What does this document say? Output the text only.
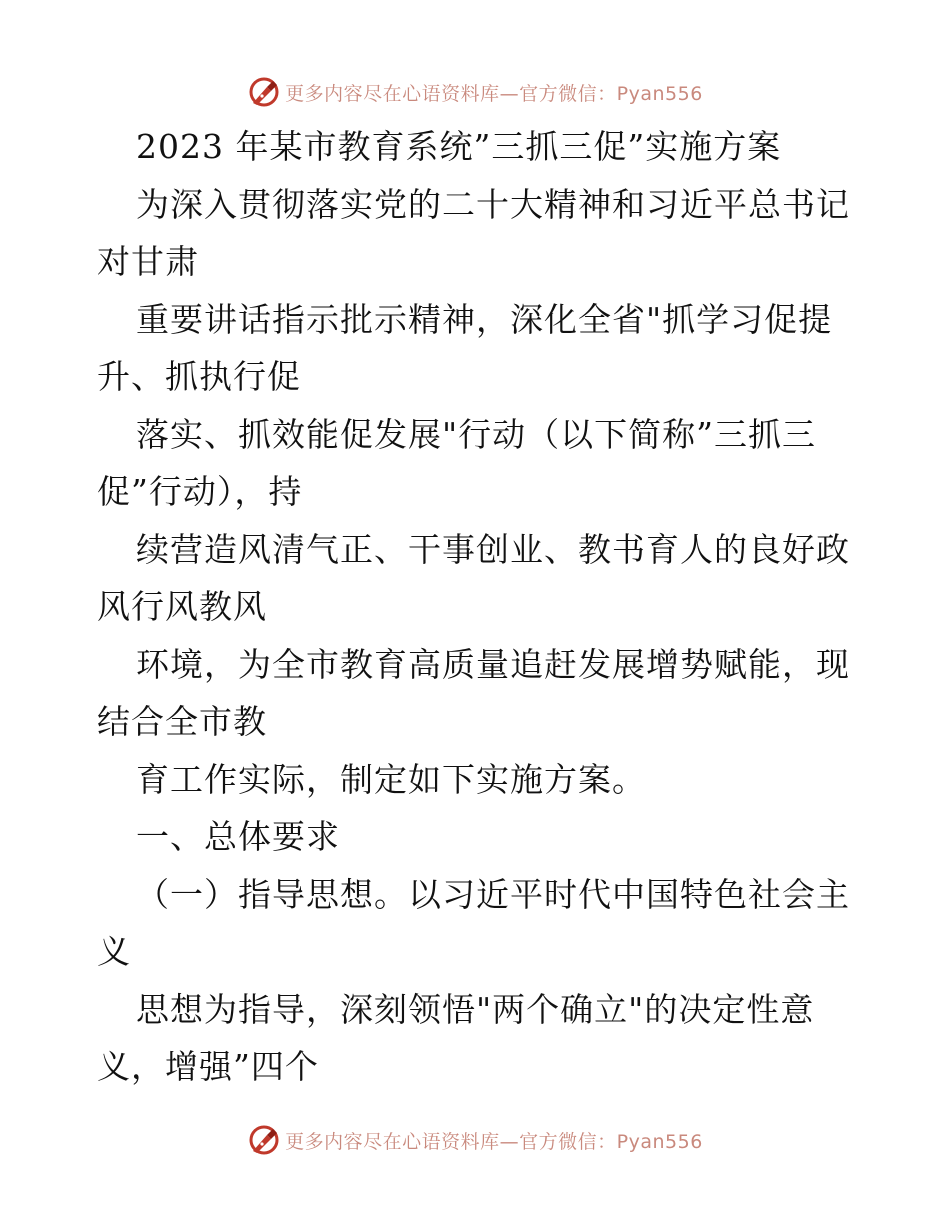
更多内容尽在心语资料库—官方微信：Pyan556
2023 年某市教育系统”三抓三促”实施方案
为深入贯彻落实党的二十大精神和习近平总书记
对甘肃
重要讲话指示批示精神，深化全省"抓学习促提
升、抓执行促
落实、抓效能促发展"行动（以下简称”三抓三
促”行动），持
续营造风清气正、干事创业、教书育人的良好政
风行风教风
环境，为全市教育高质量追赶发展增势赋能，现
结合全市教
育工作实际，制定如下实施方案。
一、总体要求
（一）指导思想。以习近平时代中国特色社会主
义
思想为指导，深刻领悟"两个确立"的决定性意
义，增强”四个
更多内容尽在心语资料库—官方微信：Pyan556
